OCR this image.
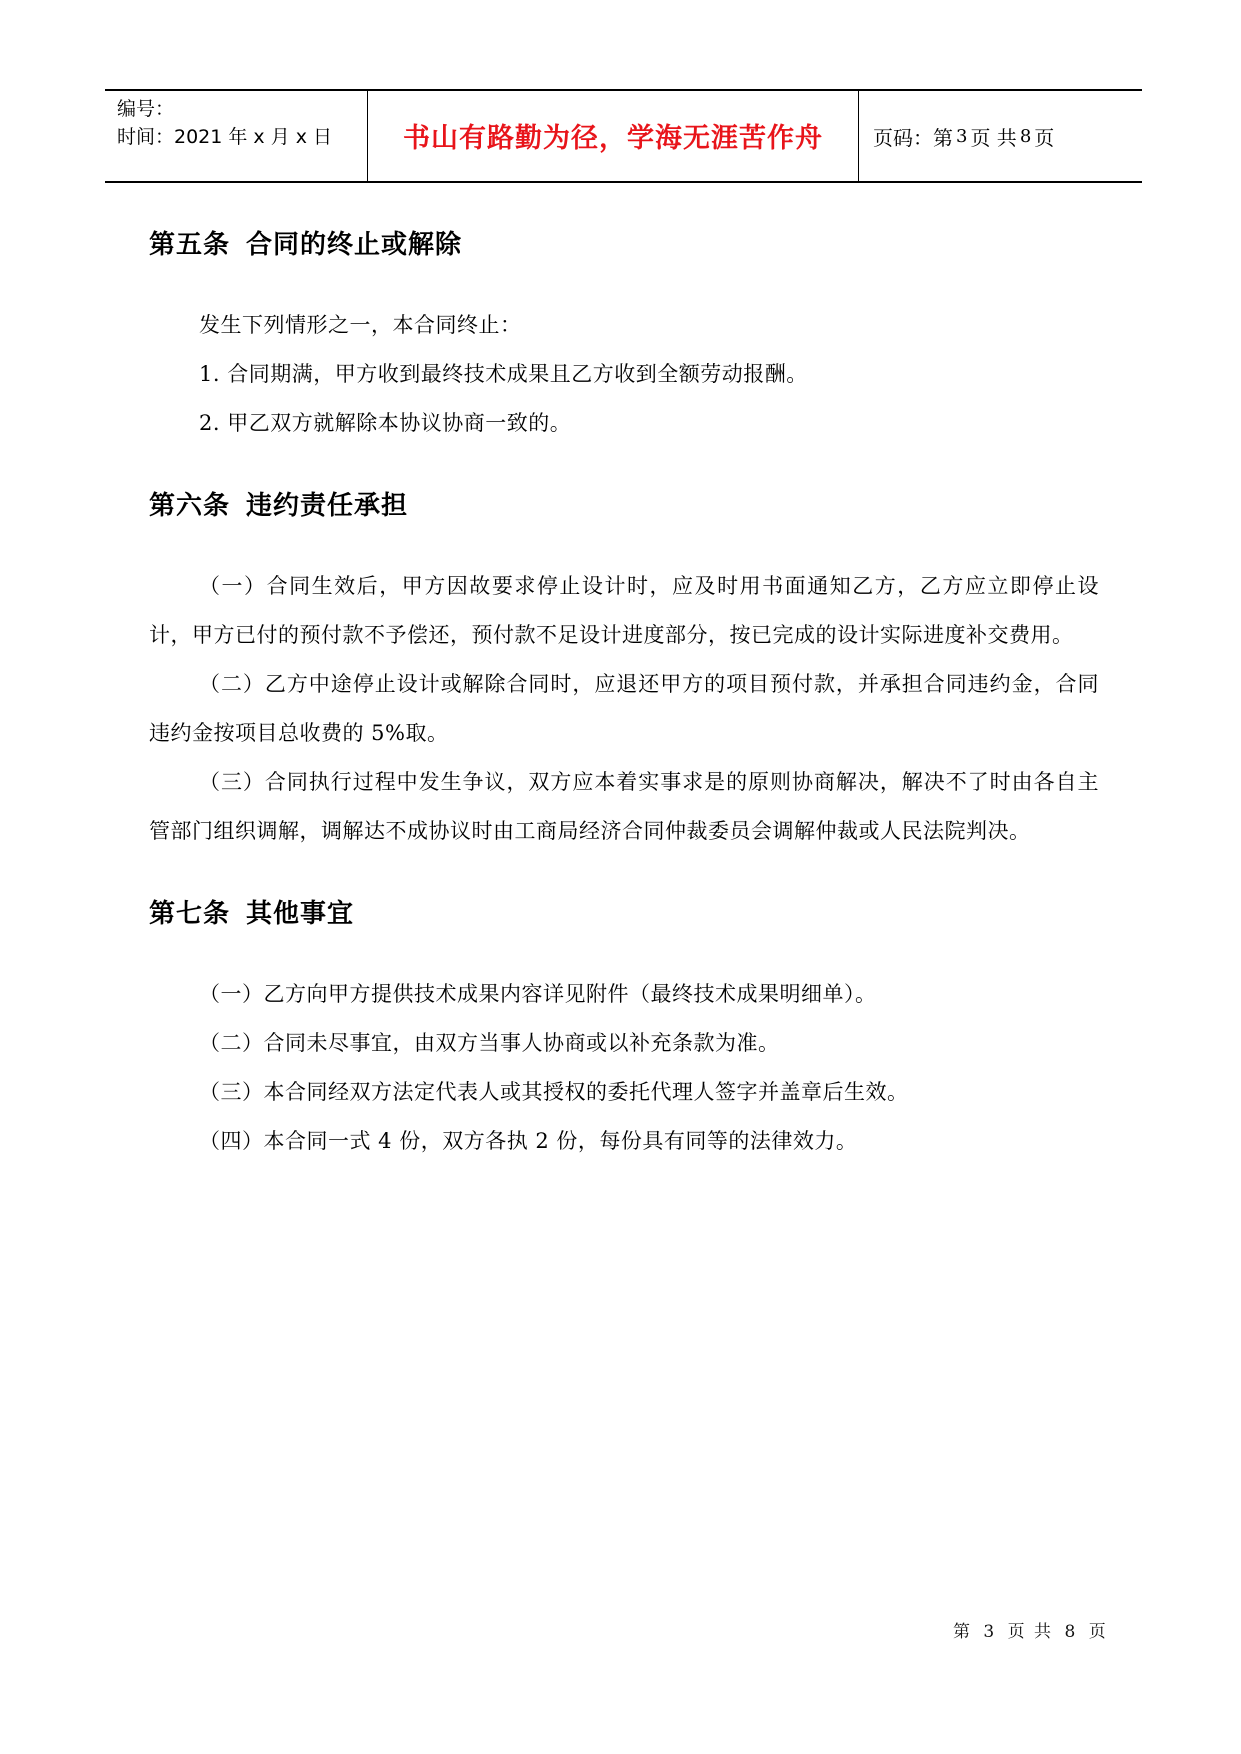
编号：
时间：2021 年 x 月 x 日	书山有路勤为径，学海无涯苦作舟	页码：第 3 页 共 8 页
第五条 合同的终止或解除

发生下列情形之一，本合同终止：

1. 合同期满，甲方收到最终技术成果且乙方收到全额劳动报酬。

2. 甲乙双方就解除本协议协商一致的。

第六条 违约责任承担

（一）合同生效后，甲方因故要求停止设计时，应及时用书面通知乙方，乙方应立即停止设计，甲方已付的预付款不予偿还，预付款不足设计进度部分，按已完成的设计实际进度补交费用。

（二）乙方中途停止设计或解除合同时，应退还甲方的项目预付款，并承担合同违约金，合同违约金按项目总收费的 5%取。

（三）合同执行过程中发生争议，双方应本着实事求是的原则协商解决，解决不了时由各自主管部门组织调解，调解达不成协议时由工商局经济合同仲裁委员会调解仲裁或人民法院判决。

第七条 其他事宜

（一）乙方向甲方提供技术成果内容详见附件（最终技术成果明细单）。

（二）合同未尽事宜，由双方当事人协商或以补充条款为准。

（三）本合同经双方法定代表人或其授权的委托代理人签字并盖章后生效。

（四）本合同一式 4 份，双方各执 2 份，每份具有同等的法律效力。

第 3 页 共 8 页
